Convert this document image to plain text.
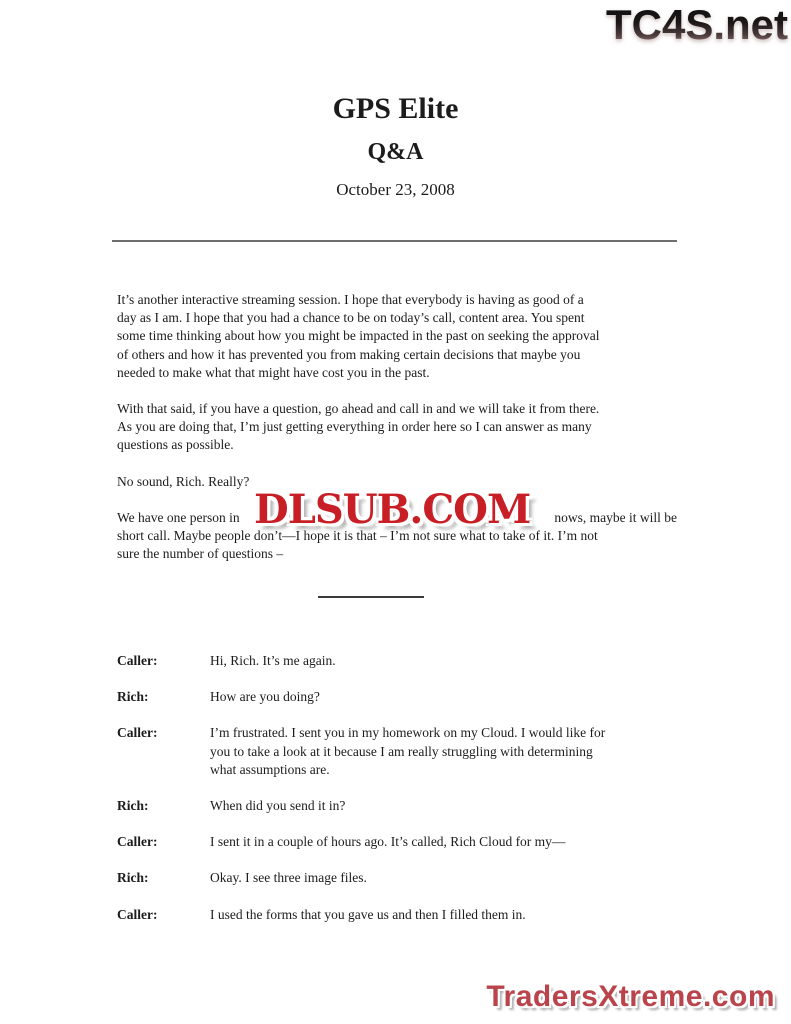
TC4S.net
GPS Elite
Q&A
October 23, 2008
It’s another interactive streaming session. I hope that everybody is having as good of a
day as I am. I hope that you had a chance to be on today’s call, content area. You spent
some time thinking about how you might be impacted in the past on seeking the approval
of others and how it has prevented you from making certain decisions that maybe you
needed to make what that might have cost you in the past.
With that said, if you have a question, go ahead and call in and we will take it from there.
As you are doing that, I’m just getting everything in order here so I can answer as many
questions as possible.
No sound, Rich. Really?
We have one person in	nows, maybe it will be
short call. Maybe people don’t—I hope it is that – I’m not sure what to take of it. I’m not
sure the number of questions –
Caller:	Hi, Rich. It’s me again.
Rich:	How are you doing?
Caller:	I’m frustrated. I sent you in my homework on my Cloud. I would like for
you to take a look at it because I am really struggling with determining
what assumptions are.
Rich:	When did you send it in?
Caller:	I sent it in a couple of hours ago. It’s called, Rich Cloud for my—
Rich:	Okay. I see three image files.
Caller:	I used the forms that you gave us and then I filled them in.
DLSUB.COM
TradersXtreme.com
